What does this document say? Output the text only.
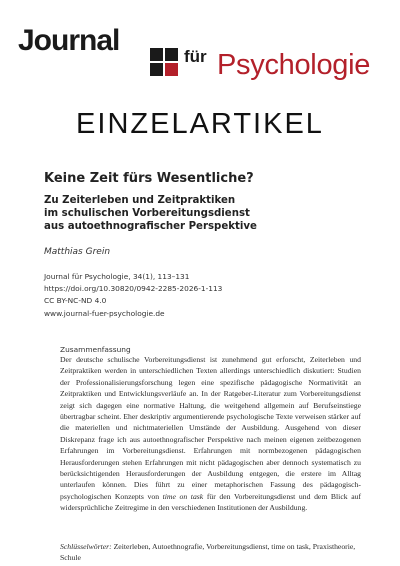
Journal	für Psychologie
EINZELARTIKEL
Keine Zeit fürs Wesentliche?
Zu Zeiterleben und Zeitpraktiken
im schulischen Vorbereitungsdienst
aus autoethnografischer Perspektive
Matthias Grein
Journal für Psychologie, 34(1), 113–131
https://doi.org/10.30820/0942-2285-2026-1-113
CC BY-NC-ND 4.0
www.journal-fuer-psychologie.de
Zusammenfassung
Der deutsche schulische Vorbereitungsdienst ist zunehmend gut erforscht, Zeiterleben und Zeitpraktiken werden in unterschiedlichen Texten allerdings unterschiedlich diskutiert: Studien der Professionalisierungsforschung legen eine spezifische pädagogische Normativität an Zeitpraktiken und Entwicklungsverläufe an. In der Ratgeber-Literatur zum Vorbereitungsdienst zeigt sich dagegen eine normative Haltung, die weitgehend allgemein auf Berufseinstiege übertragbar scheint. Eher deskriptiv argumentierende psychologische Texte verweisen stärker auf die materiellen und nichtmateriellen Umstände der Ausbildung. Ausgehend von dieser Diskrepanz frage ich aus autoethnografischer Perspektive nach meinen eigenen zeitbezogenen Erfahrungen im Vorbereitungsdienst. Erfahrungen mit normbezogenen pädagogischen Herausforderungen stehen Erfahrungen mit nicht pädagogischen aber dennoch systematisch zu berücksichtigenden Herausforderungen der Ausbildung entgegen, die erstere im Alltag unterlaufen können. Dies führt zu einer metaphorischen Fassung des pädagogisch-psychologischen Konzepts von time on task für den Vorbereitungsdienst und dem Blick auf widersprüchliche Zeitregime in den verschiedenen Institutionen der Ausbildung.
Schlüsselwörter: Zeiterleben, Autoethnografie, Vorbereitungsdienst, time on task, Praxistheorie, Schule
